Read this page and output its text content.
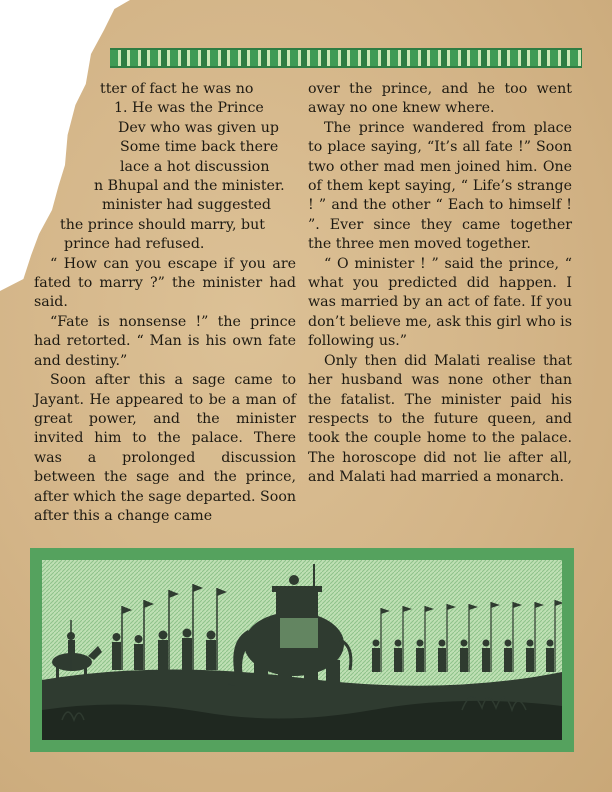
tter of fact he was no

1. He was the Prince

Dev who was given up

Some time back there

lace a hot discussion

n Bhupal and the minister.

minister had suggested

the prince should marry, but

prince had refused.

“ How can you escape if you are fated to marry ?” the minister had said.

“Fate is nonsense !” the prince had retorted. “ Man is his own fate and destiny.”

Soon after this a sage came to Jayant. He appeared to be a man of great power, and the minister invited him to the palace. There was a prolonged discussion between the sage and the prince, after which the sage departed. Soon after this a change came

over the prince, and he too went away no one knew where.

The prince wandered from place to place saying, “It’s all fate !” Soon two other mad men joined him. One of them kept saying, “ Life’s strange ! ” and the other “ Each to himself ! ”. Ever since they came together the three men moved together.

“ O minister ! ” said the prince, “ what you predicted did happen. I was married by an act of fate. If you don’t believe me, ask this girl who is following us.”

Only then did Malati realise that her husband was none other than the fatalist. The minister paid his respects to the future queen, and took the couple home to the palace. The horoscope did not lie after all, and Malati had married a monarch.
